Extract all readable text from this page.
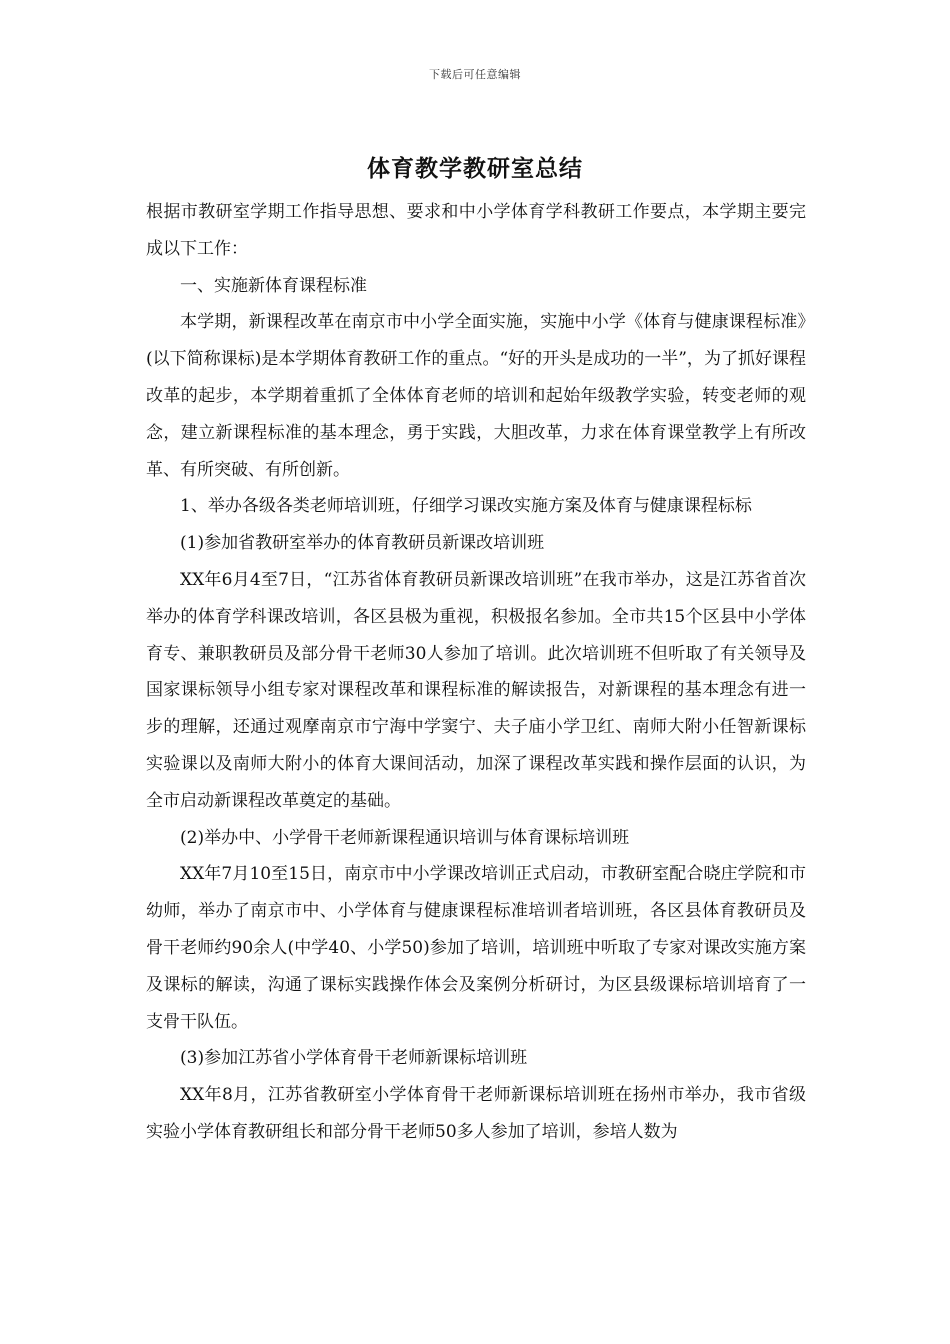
下载后可任意编辑
体育教学教研室总结

根据市教研室学期工作指导思想、要求和中小学体育学科教研工作要点，本学期主要完成以下工作：

一、实施新体育课程标准

本学期，新课程改革在南京市中小学全面实施，实施中小学《体育与健康课程标准》(以下简称课标)是本学期体育教研工作的重点。“好的开头是成功的一半”，为了抓好课程改革的起步，本学期着重抓了全体体育老师的培训和起始年级教学实验，转变老师的观念，建立新课程标准的基本理念，勇于实践，大胆改革，力求在体育课堂教学上有所改革、有所突破、有所创新。

1、举办各级各类老师培训班，仔细学习课改实施方案及体育与健康课程标标

(1)参加省教研室举办的体育教研员新课改培训班

XX年6月4至7日，“江苏省体育教研员新课改培训班”在我市举办，这是江苏省首次举办的体育学科课改培训，各区县极为重视，积极报名参加。全市共15个区县中小学体育专、兼职教研员及部分骨干老师30人参加了培训。此次培训班不但听取了有关领导及国家课标领导小组专家对课程改革和课程标准的解读报告，对新课程的基本理念有进一步的理解，还通过观摩南京市宁海中学窦宁、夫子庙小学卫红、南师大附小任智新课标实验课以及南师大附小的体育大课间活动，加深了课程改革实践和操作层面的认识，为全市启动新课程改革奠定的基础。

(2)举办中、小学骨干老师新课程通识培训与体育课标培训班

XX年7月10至15日，南京市中小学课改培训正式启动，市教研室配合晓庄学院和市幼师，举办了南京市中、小学体育与健康课程标准培训者培训班，各区县体育教研员及骨干老师约90余人(中学40、小学50)参加了培训，培训班中听取了专家对课改实施方案及课标的解读，沟通了课标实践操作体会及案例分析研讨，为区县级课标培训培育了一支骨干队伍。

(3)参加江苏省小学体育骨干老师新课标培训班

XX年8月，江苏省教研室小学体育骨干老师新课标培训班在扬州市举办，我市省级实验小学体育教研组长和部分骨干老师50多人参加了培训，参培人数为
